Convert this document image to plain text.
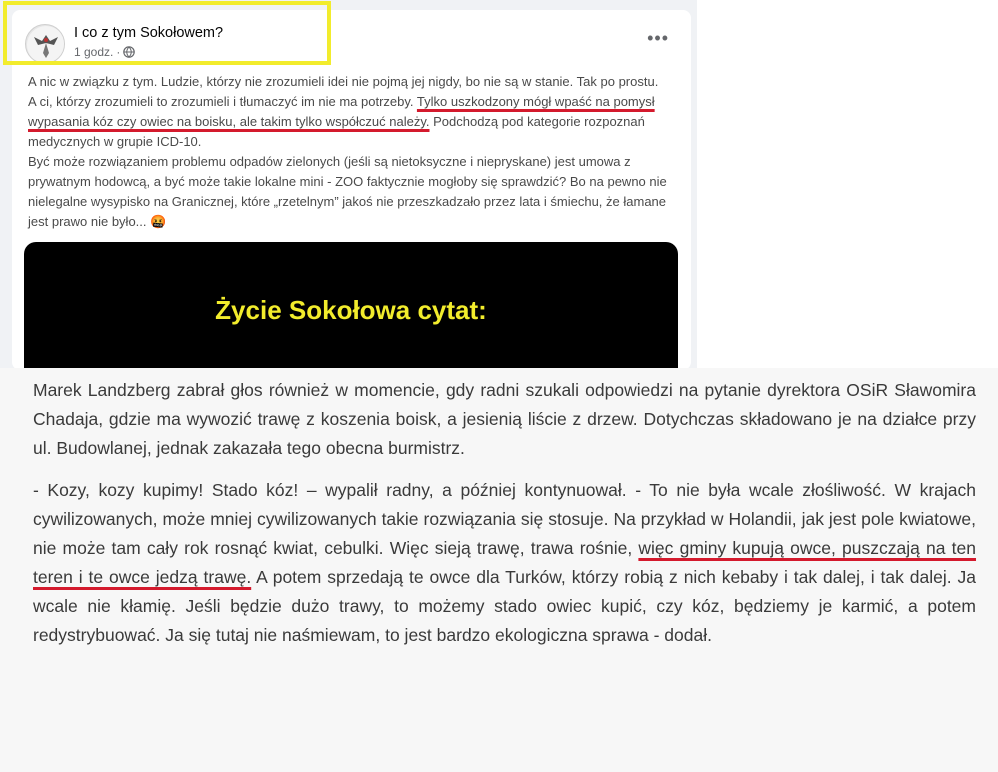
I co z tym Sokołowem?
1 godz. ·
•••

A nic w związku z tym. Ludzie, którzy nie zrozumieli idei nie pojmą jej nigdy, bo nie są w stanie. Tak po prostu. A ci, którzy zrozumieli to zrozumieli i tłumaczyć im nie ma potrzeby. Tylko uszkodzony mógł wpaść na pomysł wypasania kóz czy owiec na boisku, ale takim tylko współczuć należy. Podchodzą pod kategorie rozpoznań medycznych w grupie ICD-10.

Być może rozwiązaniem problemu odpadów zielonych (jeśli są nietoksyczne i niepryskane) jest umowa z prywatnym hodowcą, a być może takie lokalne mini - ZOO faktycznie mogłoby się sprawdzić? Bo na pewno nie nielegalne wysypisko na Granicznej, które „rzetelnym” jakoś nie przeszkadzało przez lata i śmiechu, że łamane jest prawo nie było... 🤬

Życie Sokołowa cytat:

Marek Landzberg zabrał głos również w momencie, gdy radni szukali odpowiedzi na pytanie dyrektora OSiR Sławomira Chadaja, gdzie ma wywozić trawę z koszenia boisk, a jesienią liście z drzew. Dotychczas składowano je na działce przy ul. Budowlanej, jednak zakazała tego obecna burmistrz.

- Kozy, kozy kupimy! Stado kóz! – wypalił radny, a później kontynuował. - To nie była wcale złośliwość. W krajach cywilizowanych, może mniej cywilizowanych takie rozwiązania się stosuje. Na przykład w Holandii, jak jest pole kwiatowe, nie może tam cały rok rosnąć kwiat, cebulki. Więc sieją trawę, trawa rośnie, więc gminy kupują owce, puszczają na ten teren i te owce jedzą trawę. A potem sprzedają te owce dla Turków, którzy robią z nich kebaby i tak dalej, i tak dalej. Ja wcale nie kłamię. Jeśli będzie dużo trawy, to możemy stado owiec kupić, czy kóz, będziemy je karmić, a potem redystrybuować. Ja się tutaj nie naśmiewam, to jest bardzo ekologiczna sprawa - dodał.
